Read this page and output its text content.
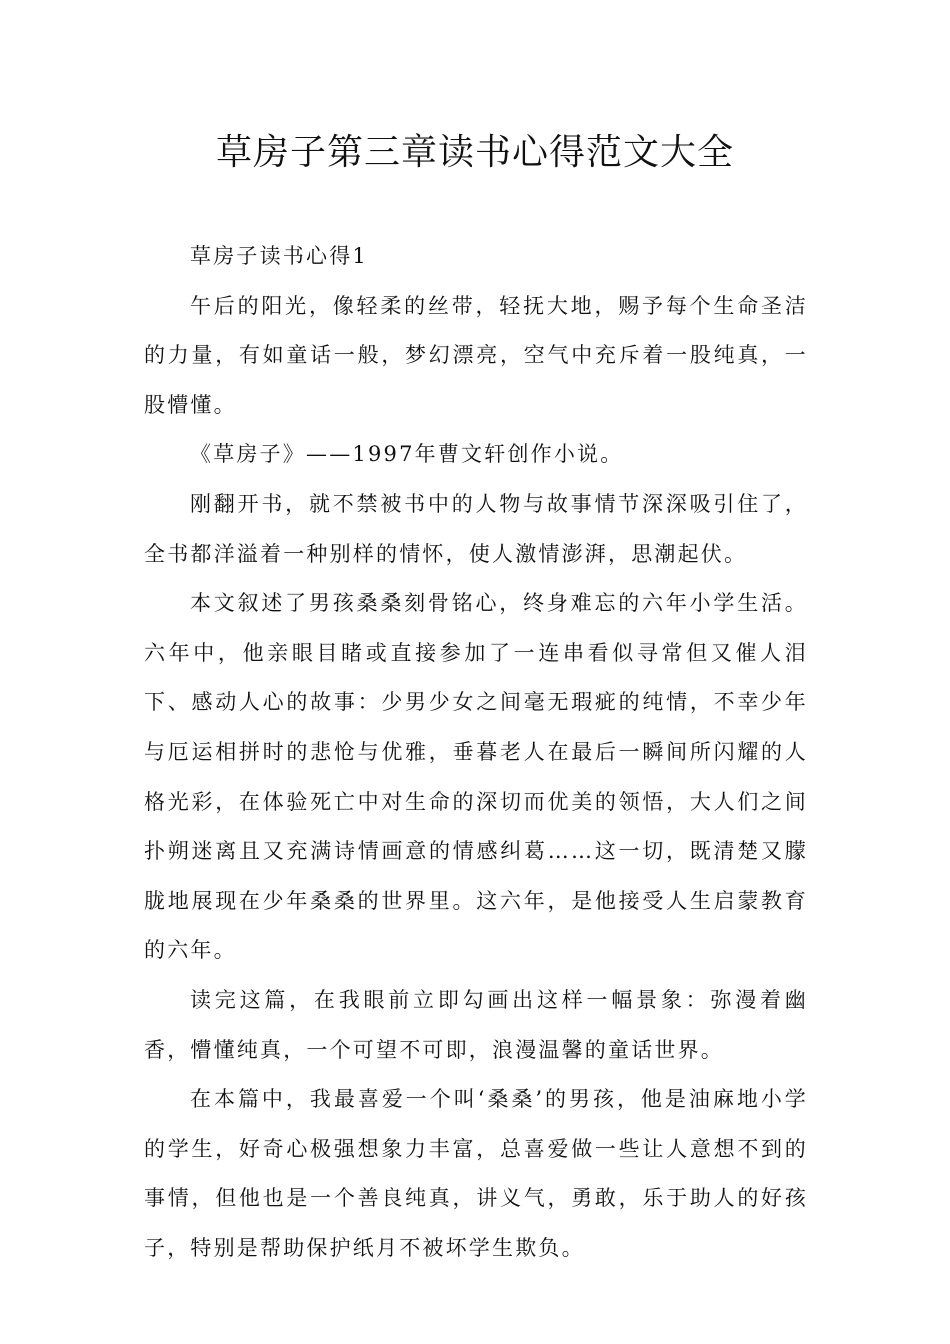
草房子第三章读书心得范文大全

草房子读书心得1

午后的阳光，像轻柔的丝带，轻抚大地，赐予每个生命圣洁的力量，有如童话一般，梦幻漂亮，空气中充斥着一股纯真，一股懵懂。

《草房子》——1997年曹文轩创作小说。

刚翻开书，就不禁被书中的人物与故事情节深深吸引住了，全书都洋溢着一种别样的情怀，使人激情澎湃，思潮起伏。

本文叙述了男孩桑桑刻骨铭心，终身难忘的六年小学生活。六年中，他亲眼目睹或直接参加了一连串看似寻常但又催人泪下、感动人心的故事：少男少女之间毫无瑕疵的纯情，不幸少年与厄运相拼时的悲怆与优雅，垂暮老人在最后一瞬间所闪耀的人格光彩，在体验死亡中对生命的深切而优美的领悟，大人们之间扑朔迷离且又充满诗情画意的情感纠葛……这一切，既清楚又朦胧地展现在少年桑桑的世界里。这六年，是他接受人生启蒙教育的六年。

读完这篇，在我眼前立即勾画出这样一幅景象：弥漫着幽香，懵懂纯真，一个可望不可即，浪漫温馨的童话世界。

在本篇中，我最喜爱一个叫‘桑桑’的男孩，他是油麻地小学的学生，好奇心极强想象力丰富，总喜爱做一些让人意想不到的事情，但他也是一个善良纯真，讲义气，勇敢，乐于助人的好孩子，特别是帮助保护纸月不被坏学生欺负。
